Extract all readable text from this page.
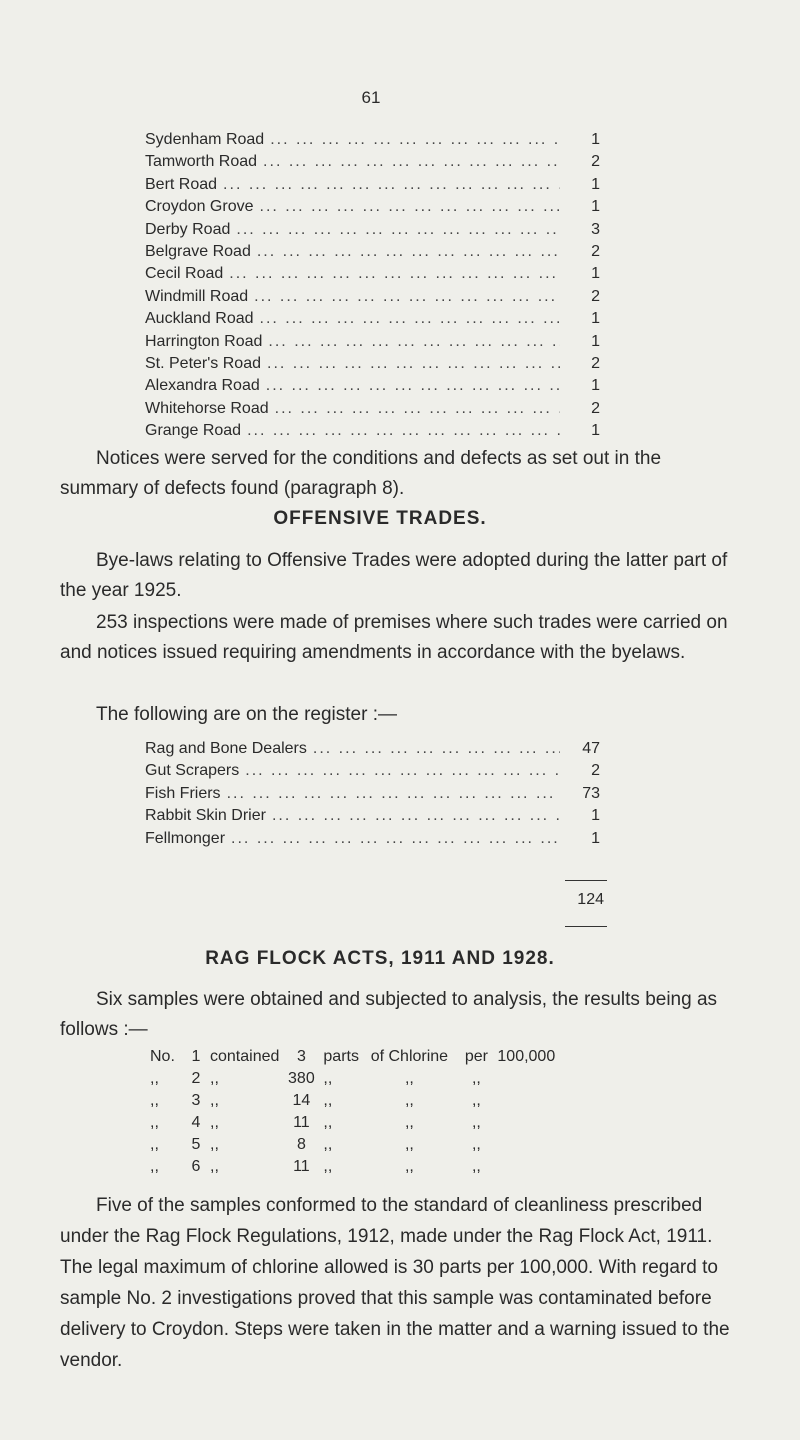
61
Sydenham Road ... .	1
Tamworth Road ... .	2
Bert Road ... .	1
Croydon Grove ... .	1
Derby Road ... .	3
Belgrave Road ... .	2
Cecil Road ... .	1
Windmill Road ... .	2
Auckland Road ... .	1
Harrington Road ... .	1
St. Peter's Road ... .	2
Alexandra Road ... .	1
Whitehorse Road ... .	2
Grange Road ... .	1

Notices were served for the conditions and defects as set out in the summary of defects found (paragraph 8).

OFFENSIVE TRADES.

Bye-laws relating to Offensive Trades were adopted during the latter part of the year 1925.

253 inspections were made of premises where such trades were carried on and notices issued requiring amendments in accordance with the byelaws.

The following are on the register :—

Rag and Bone Dealers ... .	47
Gut Scrapers ... .	2
Fish Friers ... .	73
Rabbit Skin Drier ... .	1
Fellmonger ... .	1
124
RAG FLOCK ACTS, 1911 AND 1928.

Six samples were obtained and subjected to analysis, the results being as follows :—

No.	1	contained	3	parts	of Chlorine	per	100,000
,,	2	,,	380	,,	,,	,,	
,,	3	,,	14	,,	,,	,,	
,,	4	,,	11	,,	,,	,,	
,,	5	,,	8	,,	,,	,,	
,,	6	,,	11	,,	,,	,,	

Five of the samples conformed to the standard of cleanliness prescribed under the Rag Flock Regulations, 1912, made under the Rag Flock Act, 1911. The legal maximum of chlorine allowed is 30 parts per 100,000. With regard to sample No. 2 investigations proved that this sample was contaminated before delivery to Croydon. Steps were taken in the matter and a warning issued to the vendor.
